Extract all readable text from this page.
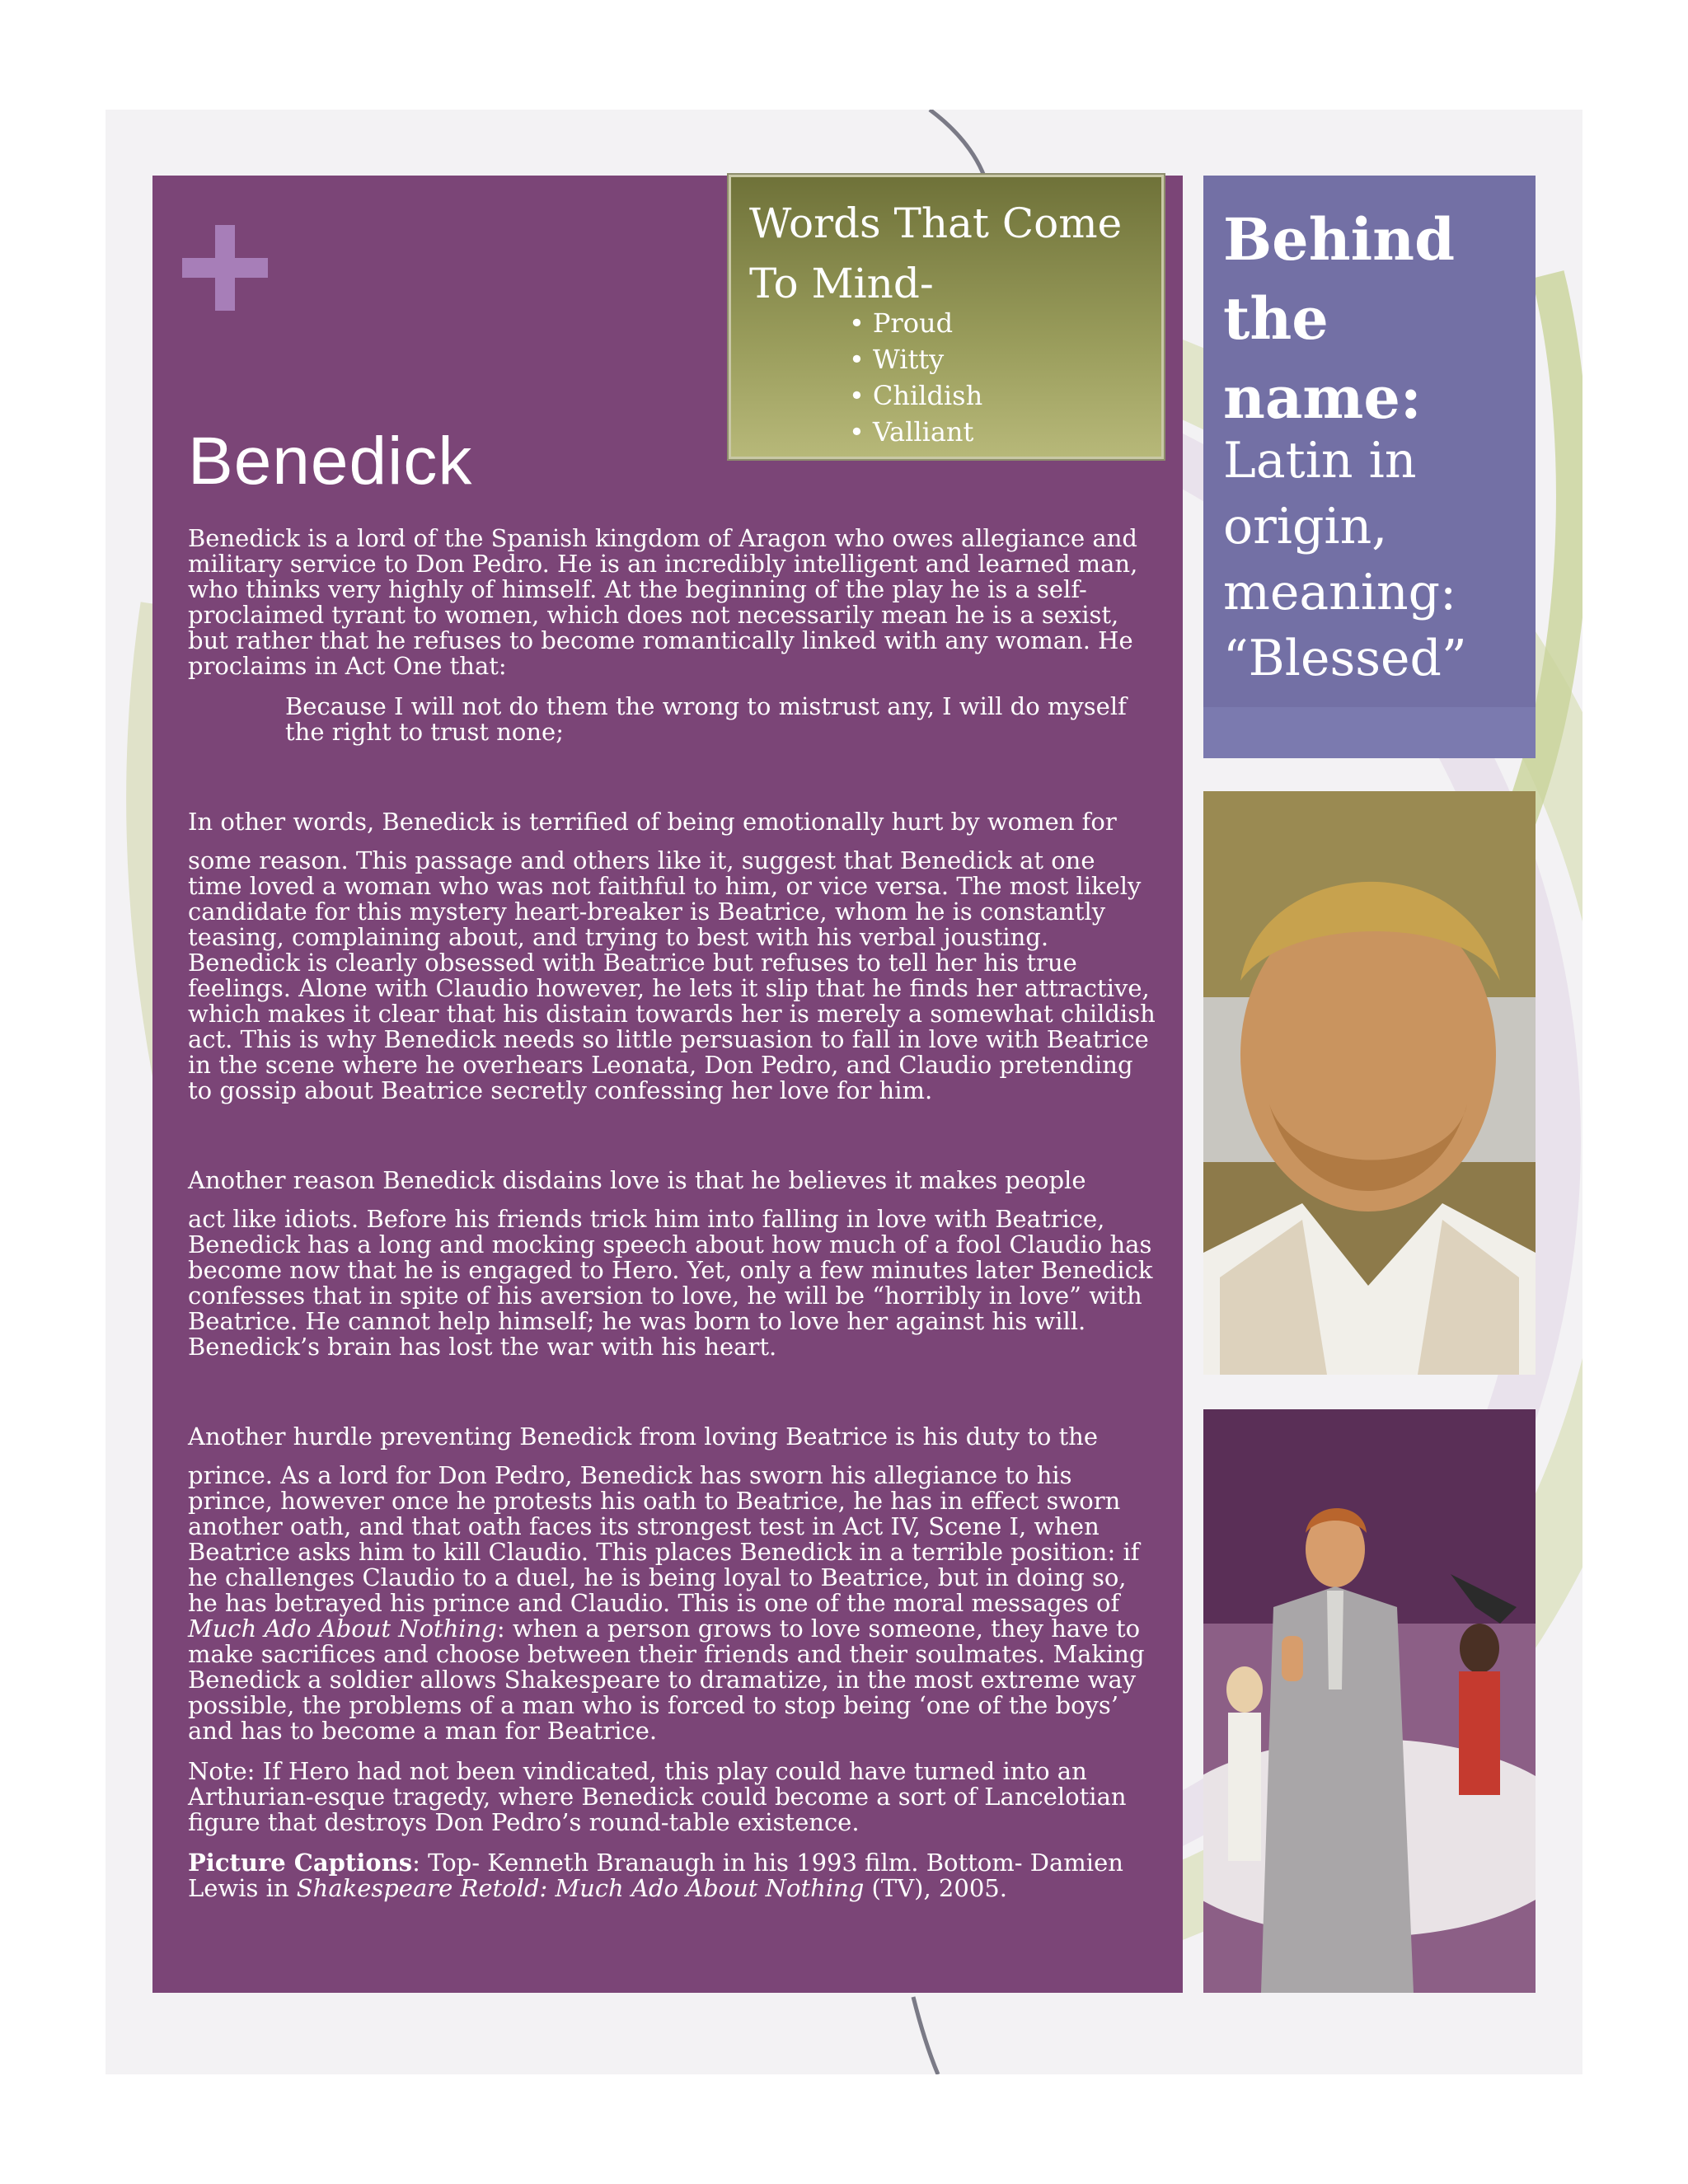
Benedick

Benedick is a lord of the Spanish kingdom of Aragon who owes allegiance and military service to Don Pedro. He is an incredibly intelligent and learned man, who thinks very highly of himself. At the beginning of the play he is a self-proclaimed tyrant to women, which does not necessarily mean he is a sexist, but rather that he refuses to become romantically linked with any woman. He proclaims in Act One that:

Because I will not do them the wrong to mistrust any, I will do myself the right to trust none;

In other words, Benedick is terrified of being emotionally hurt by women for
some reason. This passage and others like it, suggest that Benedick at one time loved a woman who was not faithful to him, or vice versa. The most likely candidate for this mystery heart-breaker is Beatrice, whom he is constantly teasing, complaining about, and trying to best with his verbal jousting. Benedick is clearly obsessed with Beatrice but refuses to tell her his true feelings. Alone with Claudio however, he lets it slip that he finds her attractive, which makes it clear that his distain towards her is merely a somewhat childish act. This is why Benedick needs so little persuasion to fall in love with Beatrice in the scene where he overhears Leonata, Don Pedro, and Claudio pretending to gossip about Beatrice secretly confessing her love for him.

Another reason Benedick disdains love is that he believes it makes people
act like idiots. Before his friends trick him into falling in love with Beatrice, Benedick has a long and mocking speech about how much of a fool Claudio has become now that he is engaged to Hero. Yet, only a few minutes later Benedick confesses that in spite of his aversion to love, he will be “horribly in love” with Beatrice. He cannot help himself; he was born to love her against his will. Benedick’s brain has lost the war with his heart.

Another hurdle preventing Benedick from loving Beatrice is his duty to the
prince. As a lord for Don Pedro, Benedick has sworn his allegiance to his prince, however once he protests his oath to Beatrice, he has in effect sworn another oath, and that oath faces its strongest test in Act IV, Scene I, when Beatrice asks him to kill Claudio. This places Benedick in a terrible position: if he challenges Claudio to a duel, he is being loyal to Beatrice, but in doing so, he has betrayed his prince and Claudio. This is one of the moral messages of Much Ado About Nothing: when a person grows to love someone, they have to make sacrifices and choose between their friends and their soulmates. Making Benedick a soldier allows Shakespeare to dramatize, in the most extreme way possible, the problems of a man who is forced to stop being ‘one of the boys’ and has to become a man for Beatrice.

Note: If Hero had not been vindicated, this play could have turned into an Arthurian-esque tragedy, where Benedick could become a sort of Lancelotian figure that destroys Don Pedro’s round-table existence.

Picture Captions: Top- Kenneth Branaugh in his 1993 film. Bottom- Damien Lewis in Shakespeare Retold: Much Ado About Nothing (TV), 2005.

Words That Come To Mind-
• Proud
• Witty
• Childish
• Valliant
Behind the name:

Latin in origin, meaning: “Blessed”
